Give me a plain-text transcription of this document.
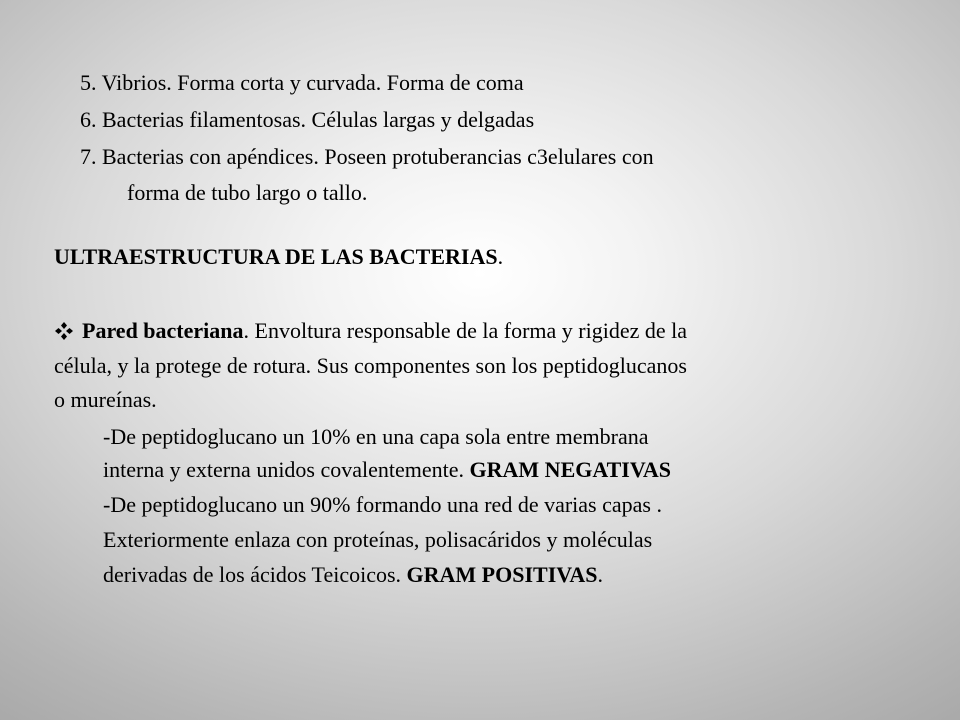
5. Vibrios. Forma corta y curvada. Forma de coma
6. Bacterias filamentosas. Células largas y delgadas
7. Bacterias con apéndices. Poseen protuberancias c3elulares con
forma de tubo largo o tallo.
ULTRAESTRUCTURA DE LAS BACTERIAS.
Pared bacteriana. Envoltura responsable de la forma y rigidez de la
célula, y la protege de rotura. Sus componentes son los peptidoglucanos
o mureínas.
-De peptidoglucano un 10% en una capa sola entre membrana
interna y externa unidos covalentemente. GRAM NEGATIVAS
-De peptidoglucano un 90% formando una red de varias capas .
Exteriormente enlaza con proteínas, polisacáridos y moléculas
derivadas de los ácidos Teicoicos. GRAM POSITIVAS.
